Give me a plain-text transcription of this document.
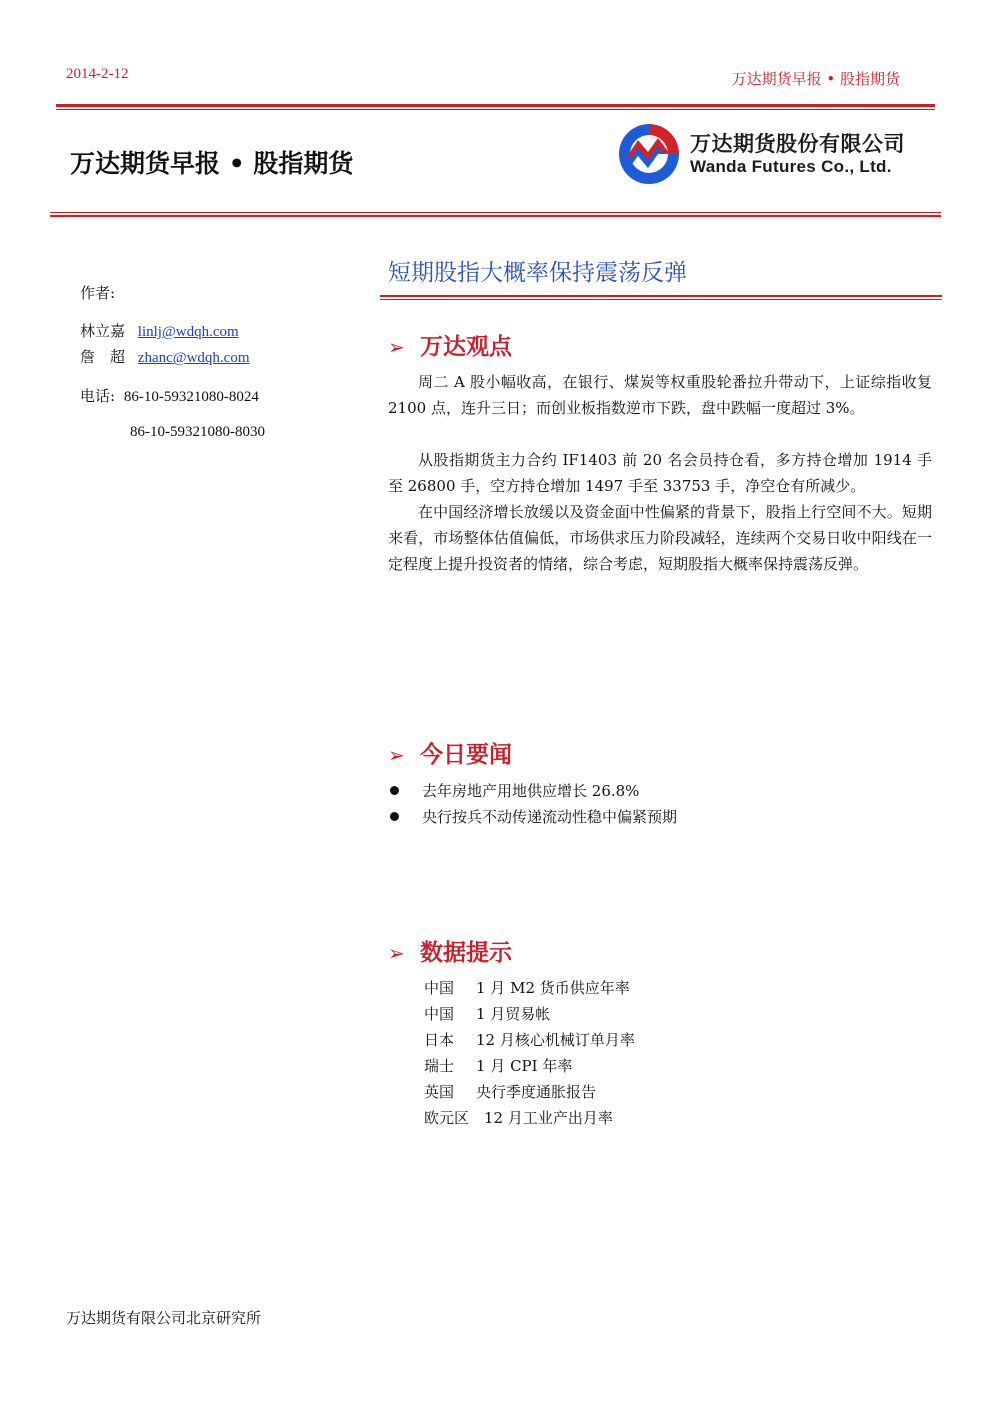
2014-2-12	万达期货早报 • 股指期货
万达期货早报 • 股指期货
万达期货股份有限公司
Wanda Futures Co., Ltd.
作者:
林立嘉 linlj@wdqh.com
詹　超 zhanc@wdqh.com
电话: 86-10-59321080-8024
86-10-59321080-8030
短期股指大概率保持震荡反弹
➢ 万达观点
周二 A 股小幅收高，在银行、煤炭等权重股轮番拉升带动下，上证综指收复 2100 点，连升三日；而创业板指数逆市下跌，盘中跌幅一度超过 3%。
从股指期货主力合约 IF1403 前 20 名会员持仓看，多方持仓增加 1914 手至 26800 手，空方持仓增加 1497 手至 33753 手，净空仓有所减少。
在中国经济增长放缓以及资金面中性偏紧的背景下，股指上行空间不大。短期来看，市场整体估值偏低，市场供求压力阶段减轻，连续两个交易日收中阳线在一定程度上提升投资者的情绪，综合考虑，短期股指大概率保持震荡反弹。
➢ 今日要闻
去年房地产用地供应增长 26.8%
央行按兵不动传递流动性稳中偏紧预期
➢ 数据提示
中国 1 月 M2 货币供应年率
中国 1 月贸易帐
日本 12 月核心机械订单月率
瑞士 1 月 CPI 年率
英国 央行季度通胀报告
欧元区 12 月工业产出月率
万达期货有限公司北京研究所
